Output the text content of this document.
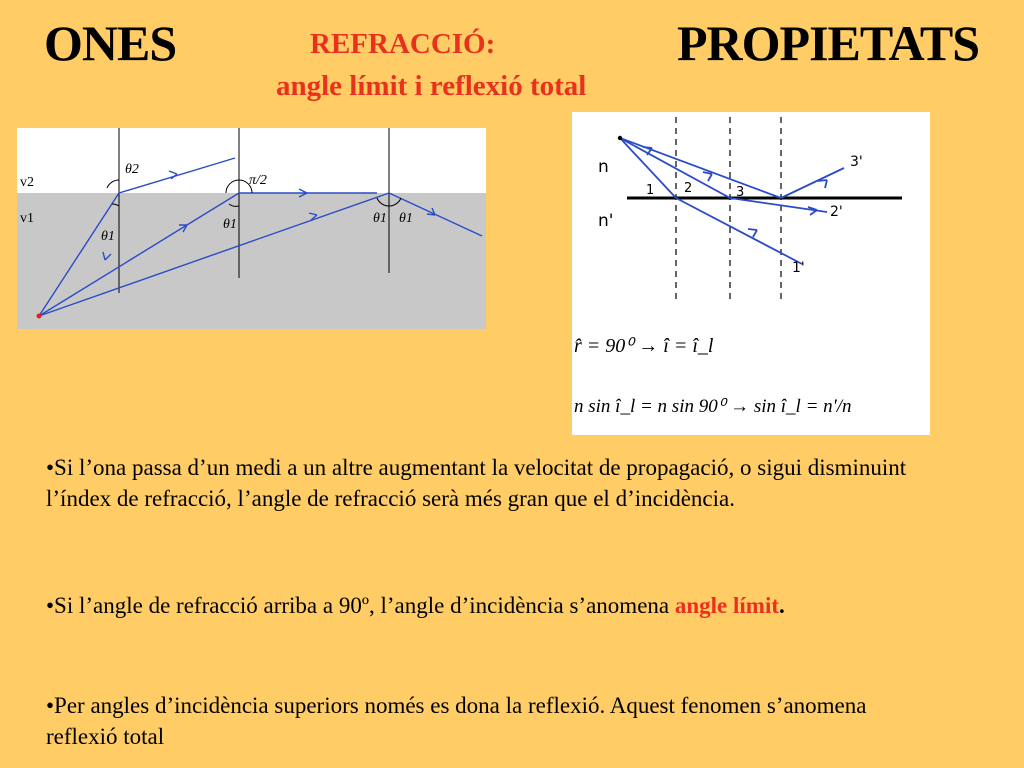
ONES	PROPIETATS
REFRACCIÓ:
angle límit i reflexió total
v2
v1
θ2
π/2
θ1
θ1	θ1 θ1
n
n'
1 2	3
3'
2'
1'
r̂ = 90⁰ → î = î_l
n sin î_l = n sin 90⁰ → sin î_l = n'/n
•Si l’ona passa d’un medi a un altre augmentant la velocitat de propagació, o sigui disminuint l’índex de refracció, l’angle de refracció serà més gran que el d’incidència.
•Si l’angle de refracció arriba a 90º, l’angle d’incidència s’anomena angle límit.
•Per angles d’incidència superiors només es dona la reflexió. Aquest fenomen s’anomena reflexió total
